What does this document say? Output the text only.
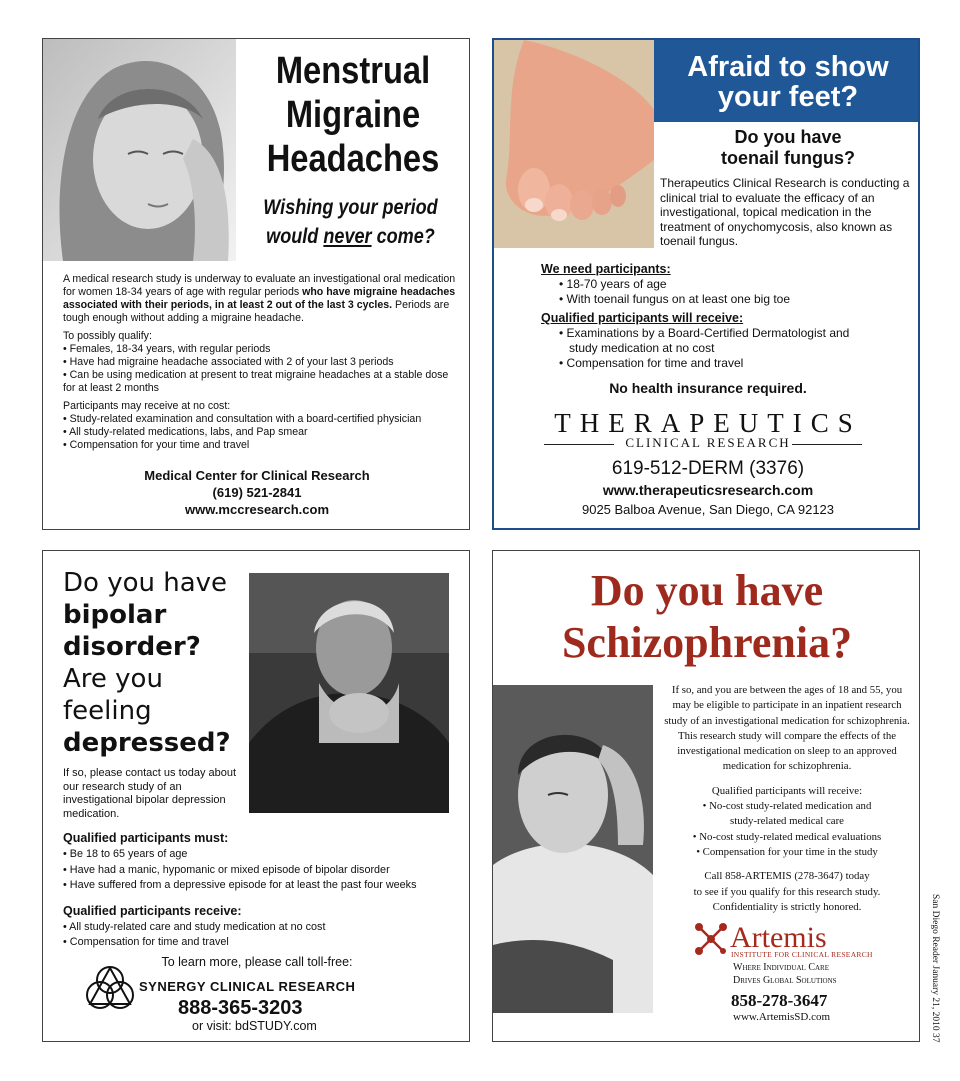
Menstrual
Migraine
Headaches
Wishing your period
would never come?

A medical research study is underway to evaluate an investigational oral medication for women 18-34 years of age with regular periods who have migraine headaches associated with their periods, in at least 2 out of the last 3 cycles. Periods are tough enough without adding a migraine headache.

To possibly qualify:
• Females, 18-34 years, with regular periods
• Have had migraine headache associated with 2 of your last 3 periods
• Can be using medication at present to treat migraine headaches at a stable dose for at least 2 months

Participants may receive at no cost:
• Study-related examination and consultation with a board-certified physician
• All study-related medications, labs, and Pap smear
• Compensation for your time and travel

Medical Center for Clinical Research
(619) 521-2841
www.mccresearch.com
Afraid to show
your feet?
Do you have
toenail fungus?
Therapeutics Clinical Research is conducting a clinical trial to evaluate the efficacy of an investigational, topical medication in the treatment of onychomycosis, also known as toenail fungus.
We need participants:
• 18-70 years of age
• With toenail fungus on at least one big toe
Qualified participants will receive:
• Examinations by a Board-Certified Dermatologist and
study medication at no cost
• Compensation for time and travel
No health insurance required.
THERAPEUTICS
CLINICAL RESEARCH
619-512-DERM (3376)
www.therapeuticsresearch.com
9025 Balboa Avenue, San Diego, CA 92123
Do you have
bipolar
disorder?
Are you
feeling
depressed?
If so, please contact us today about our research study of an investigational bipolar depression medication.
Qualified participants must:
• Be 18 to 65 years of age
• Have had a manic, hypomanic or mixed episode of bipolar disorder
• Have suffered from a depressive episode for at least the past four weeks
Qualified participants receive:
• All study-related care and study medication at no cost
• Compensation for time and travel
To learn more, please call toll-free:
SYNERGY CLINICAL RESEARCH
888-365-3203
or visit: bdSTUDY.com
Do you have
Schizophrenia?
If so, and you are between the ages of 18 and 55, you may be eligible to participate in an inpatient research study of an investigational medication for schizophrenia. This research study will compare the effects of the investigational medication on sleep to an approved medication for schizophrenia.
Qualified participants will receive:
• No-cost study-related medication and
study-related medical care
• No-cost study-related medical evaluations
• Compensation for your time in the study
Call 858-ARTEMIS (278-3647) today
to see if you qualify for this research study.
Confidentiality is strictly honored.
Artemis
INSTITUTE FOR CLINICAL RESEARCH
Where Individual Care
Drives Global Solutions
858-278-3647
www.ArtemisSD.com	San Diego Reader January 21, 2010 37
